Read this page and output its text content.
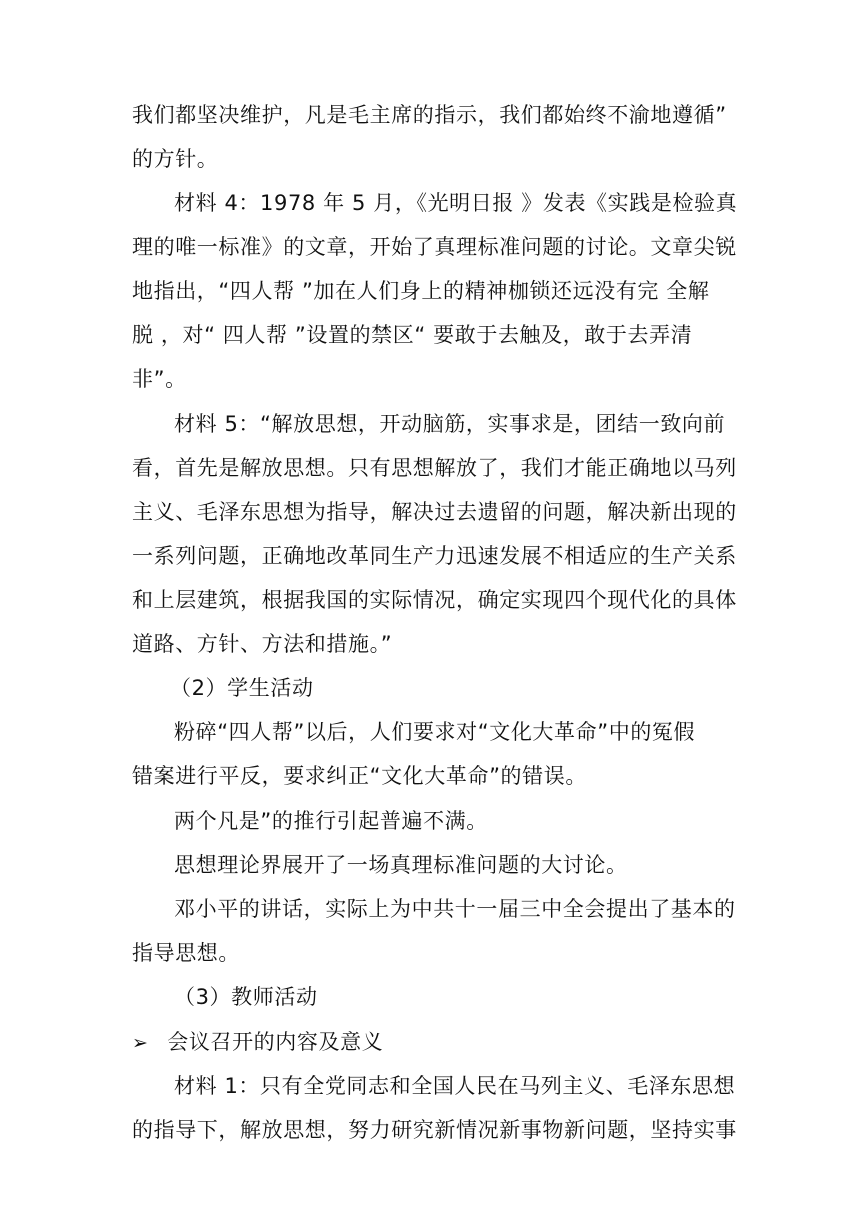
我们都坚决维护，凡是毛主席的指示，我们都始终不渝地遵循”
的方针。
材料 4：1978 年 5 月，《光明日报 》发表《实践是检验真
理的唯一标准》的文章，开始了真理标准问题的讨论。文章尖锐
地指出，“四人帮 ”加在人们身上的精神枷锁还远没有完 全解
脱 ，对“ 四人帮 ”设置的禁区“ 要敢于去触及，敢于去弄清
非”。
材料 5：“解放思想，开动脑筋，实事求是，团结一致向前
看，首先是解放思想。只有思想解放了，我们才能正确地以马列
主义、毛泽东思想为指导，解决过去遗留的问题，解决新出现的
一系列问题，正确地改革同生产力迅速发展不相适应的生产关系
和上层建筑，根据我国的实际情况，确定实现四个现代化的具体
道路、方针、方法和措施。”
（2）学生活动
粉碎“四人帮”以后，人们要求对“文化大革命”中的冤假
错案进行平反，要求纠正“文化大革命”的错误。
两个凡是”的推行引起普遍不满。
思想理论界展开了一场真理标准问题的大讨论。
邓小平的讲话，实际上为中共十一届三中全会提出了基本的
指导思想。
（3）教师活动
➢ 会议召开的内容及意义
材料 1：只有全党同志和全国人民在马列主义、毛泽东思想
的指导下，解放思想，努力研究新情况新事物新问题，坚持实事
